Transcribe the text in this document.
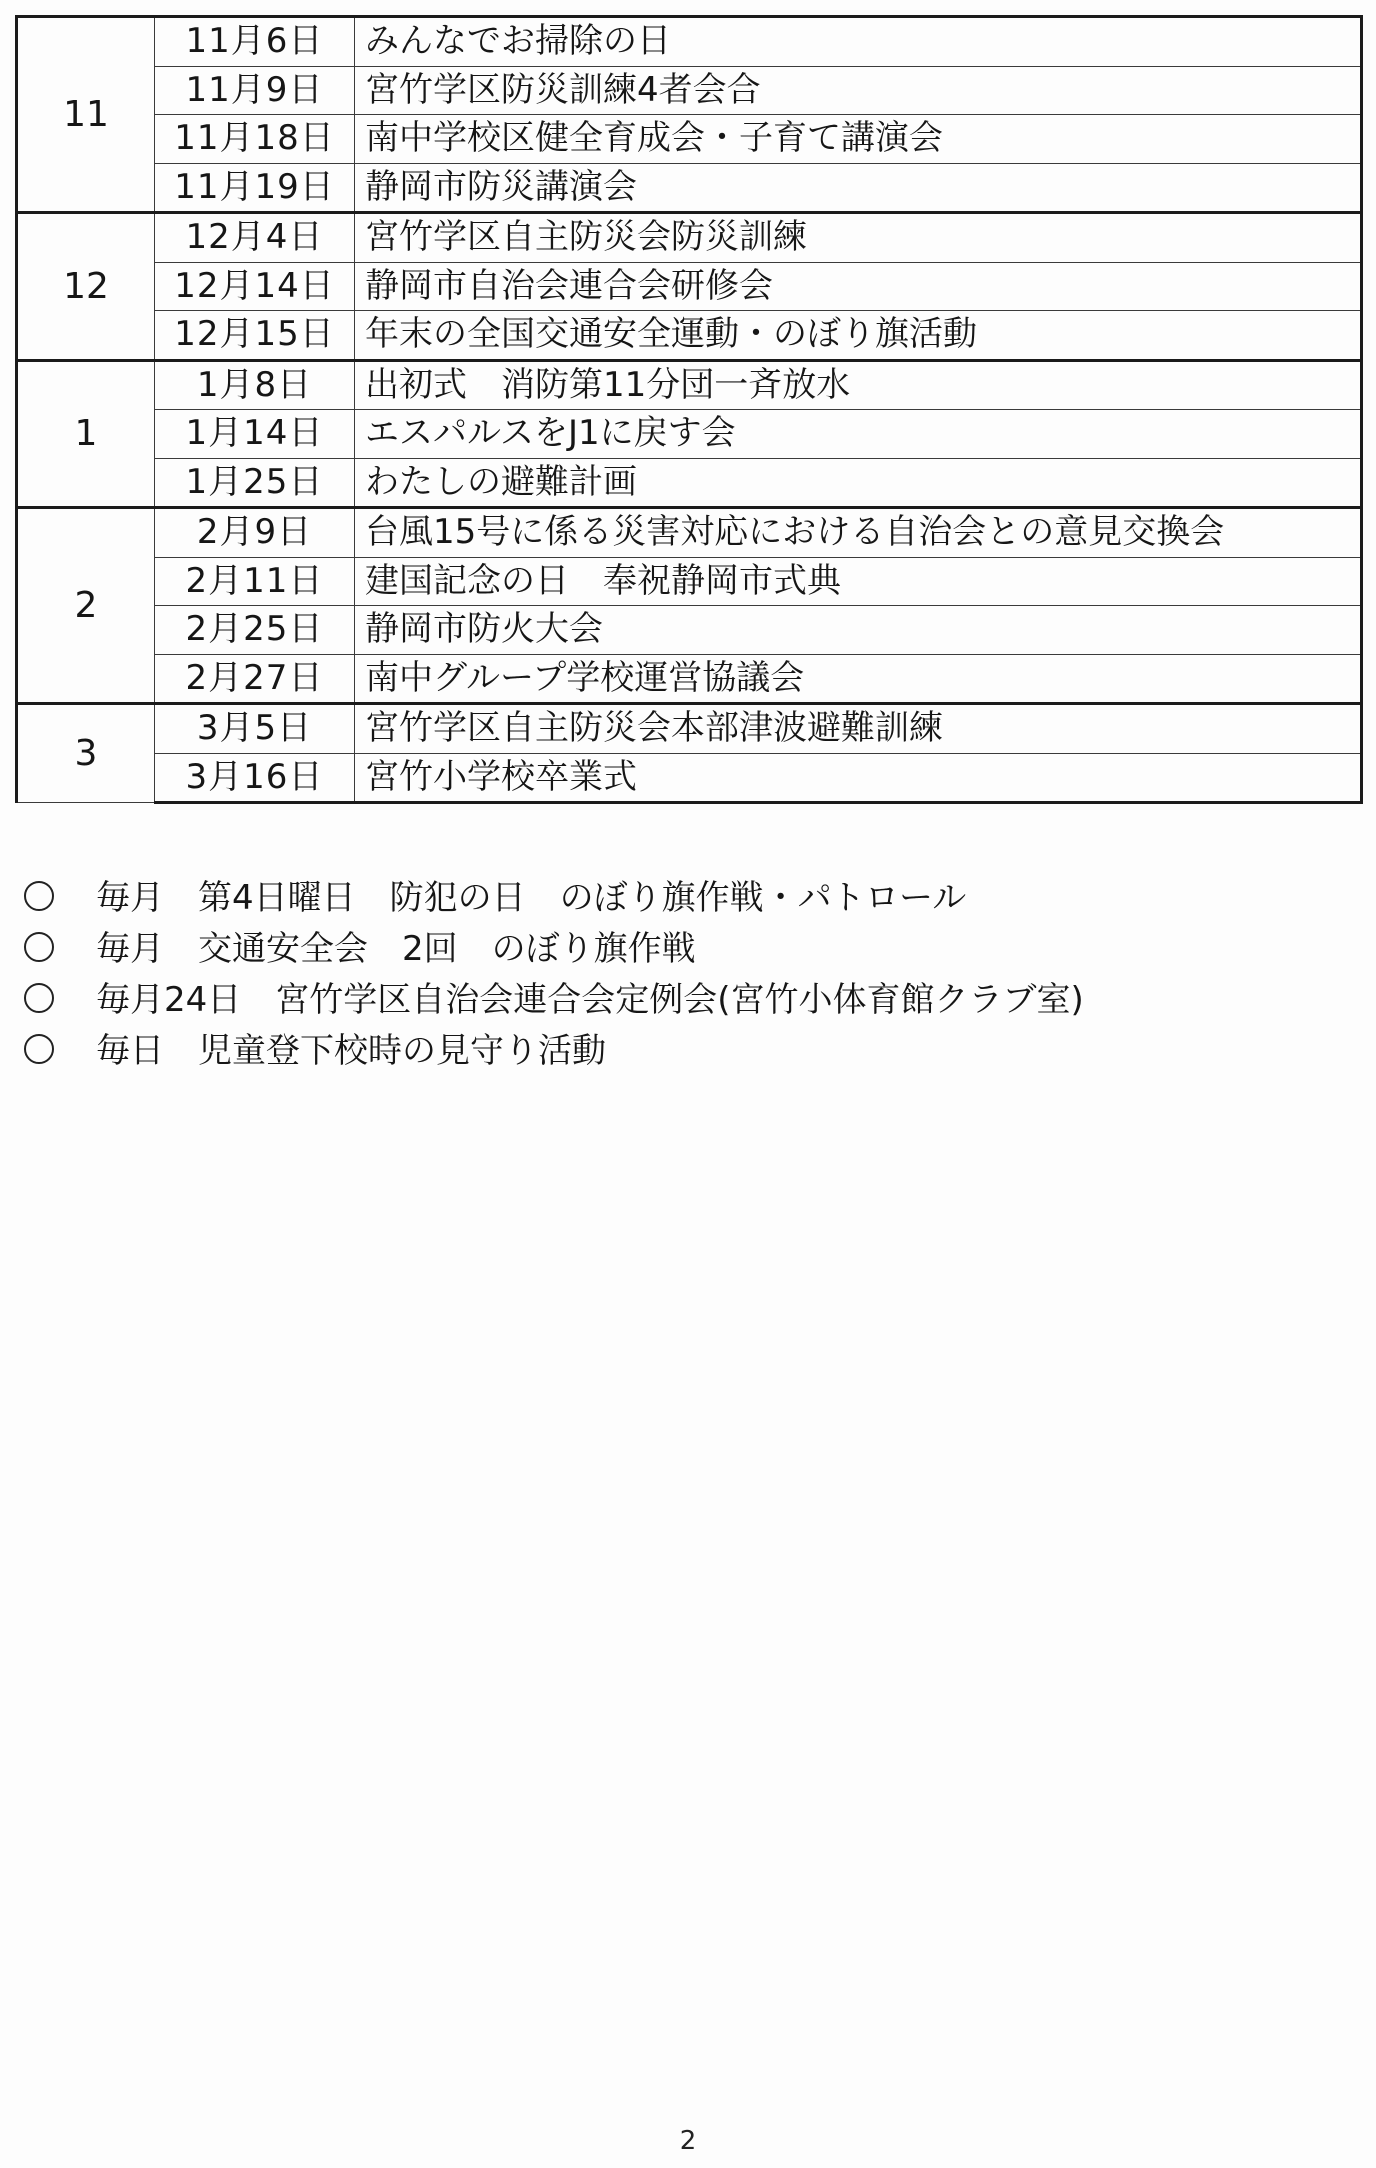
11	11月6日	みんなでお掃除の日
	11月9日	宮竹学区防災訓練4者会合
	11月18日	南中学校区健全育成会・子育て講演会
	11月19日	静岡市防災講演会
12	12月4日	宮竹学区自主防災会防災訓練
	12月14日	静岡市自治会連合会研修会
	12月15日	年末の全国交通安全運動・のぼり旗活動
1	1月8日	出初式　消防第11分団一斉放水
	1月14日	エスパルスをJ1に戻す会
	1月25日	わたしの避難計画
2	2月9日	台風15号に係る災害対応における自治会との意見交換会
	2月11日	建国記念の日　奉祝静岡市式典
	2月25日	静岡市防火大会
	2月27日	南中グループ学校運営協議会
3	3月5日	宮竹学区自主防災会本部津波避難訓練
	3月16日	宮竹小学校卒業式
毎月　第4日曜日　防犯の日　のぼり旗作戦・パトロール
毎月　交通安全会　2回　のぼり旗作戦
毎月24日　宮竹学区自治会連合会定例会(宮竹小体育館クラブ室)
毎日　児童登下校時の見守り活動
2
